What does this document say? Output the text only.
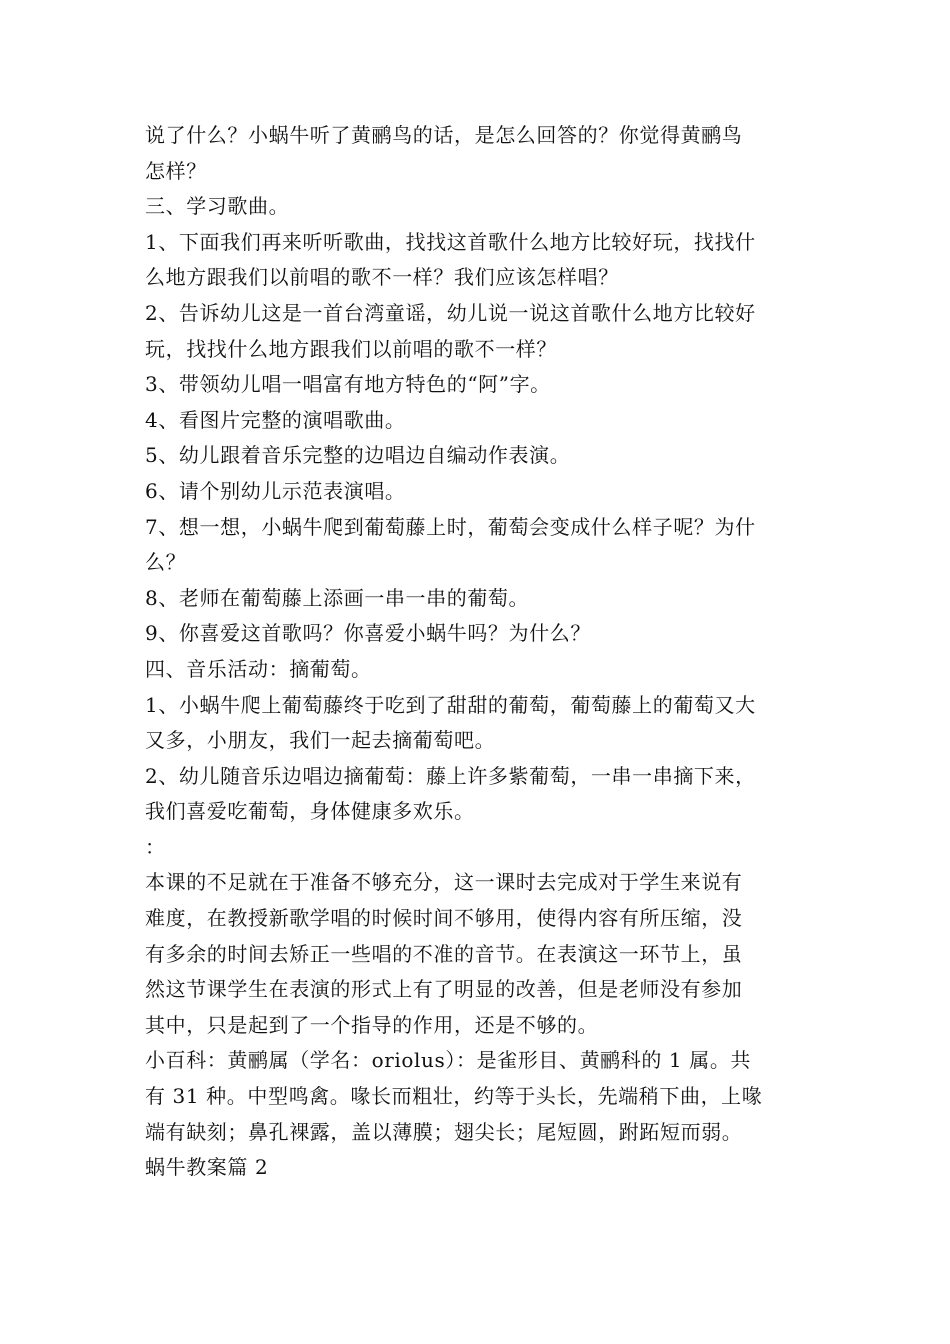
说了什么？小蜗牛听了黄鹂鸟的话，是怎么回答的？你觉得黄鹂鸟
怎样？
三、学习歌曲。
1、下面我们再来听听歌曲，找找这首歌什么地方比较好玩，找找什
么地方跟我们以前唱的歌不一样？我们应该怎样唱？
2、告诉幼儿这是一首台湾童谣，幼儿说一说这首歌什么地方比较好
玩，找找什么地方跟我们以前唱的歌不一样？
3、带领幼儿唱一唱富有地方特色的“阿”字。
4、看图片完整的演唱歌曲。
5、幼儿跟着音乐完整的边唱边自编动作表演。
6、请个别幼儿示范表演唱。
7、想一想，小蜗牛爬到葡萄藤上时，葡萄会变成什么样子呢？为什
么？
8、老师在葡萄藤上添画一串一串的葡萄。
9、你喜爱这首歌吗？你喜爱小蜗牛吗？为什么？
四、音乐活动：摘葡萄。
1、小蜗牛爬上葡萄藤终于吃到了甜甜的葡萄，葡萄藤上的葡萄又大
又多，小朋友，我们一起去摘葡萄吧。
2、幼儿随音乐边唱边摘葡萄：藤上许多紫葡萄，一串一串摘下来，
我们喜爱吃葡萄，身体健康多欢乐。
：
本课的不足就在于准备不够充分，这一课时去完成对于学生来说有
难度，在教授新歌学唱的时候时间不够用，使得内容有所压缩，没
有多余的时间去矫正一些唱的不准的音节。在表演这一环节上，虽
然这节课学生在表演的形式上有了明显的改善，但是老师没有参加
其中，只是起到了一个指导的作用，还是不够的。
小百科：黄鹂属（学名：oriolus）：是雀形目、黄鹂科的 1 属。共
有 31 种。中型鸣禽。喙长而粗壮，约等于头长，先端稍下曲，上喙
端有缺刻；鼻孔裸露，盖以薄膜；翅尖长；尾短圆，跗跖短而弱。
蜗牛教案篇 2
